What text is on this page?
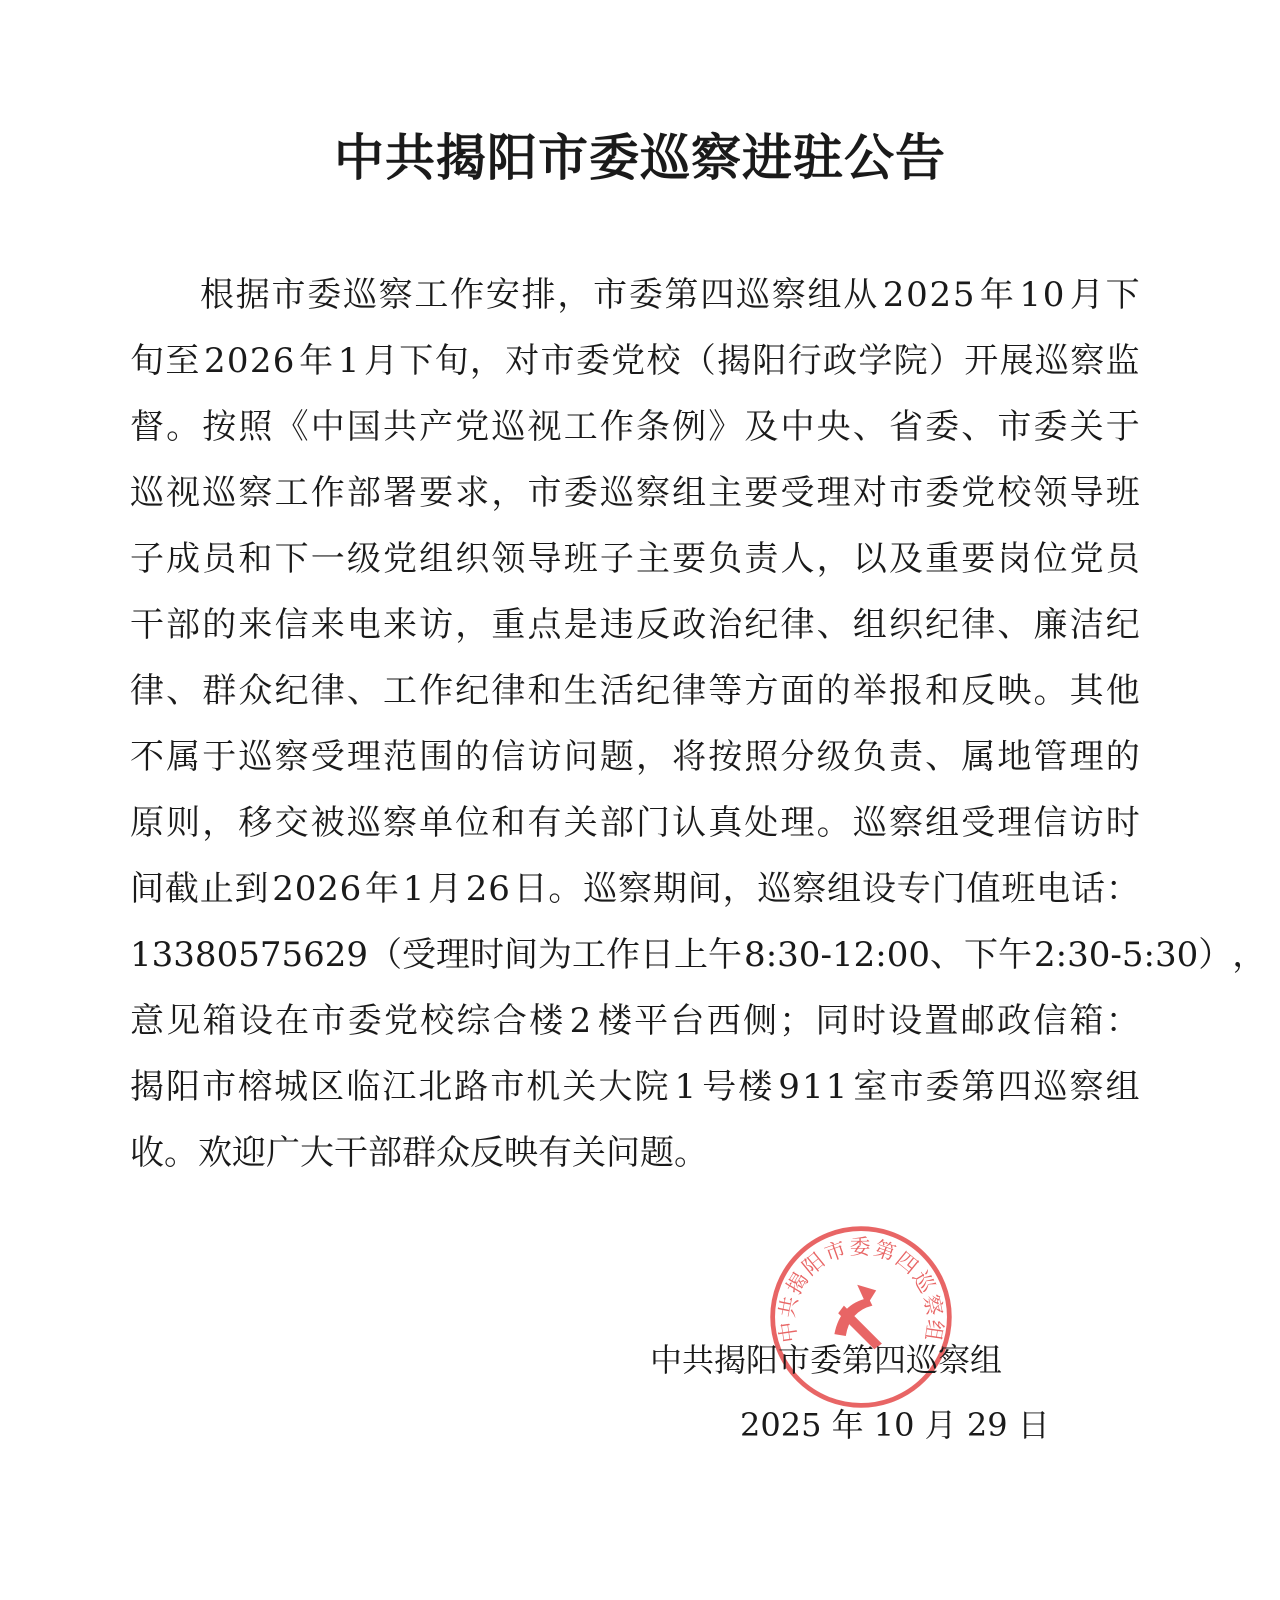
中共揭阳市委巡察进驻公告
根 据 市 委 巡 察 工 作 安 排 ， 市 委 第 四 巡 察 组 从
2 0 2 5
年
1 0
月 下
旬 至
2 0 2 6
年
1
月 下 旬 ， 对 市 委 党 校 （ 揭 阳 行 政 学 院 ） 开 展 巡 察 监
督 。 按 照 《 中 国 共 产 党 巡 视 工 作 条 例 》 及 中 央 、 省 委 、 市 委 关 于
巡 视 巡 察 工 作 部 署 要 求 ， 市 委 巡 察 组 主 要 受 理 对 市 委 党 校 领 导 班
子 成 员 和 下 一 级 党 组 织 领 导 班 子 主 要 负 责 人 ， 以 及 重 要 岗 位 党 员
干 部 的 来 信 来 电 来 访 ， 重 点 是 违 反 政 治 纪 律 、 组 织 纪 律 、 廉 洁 纪
律 、 群 众 纪 律 、 工 作 纪 律 和 生 活 纪 律 等 方 面 的 举 报 和 反 映 。 其 他
不 属 于 巡 察 受 理 范 围 的 信 访 问 题 ， 将 按 照 分 级 负 责 、 属 地 管 理 的
原 则 ， 移 交 被 巡 察 单 位 和 有 关 部 门 认 真 处 理 。 巡 察 组 受 理 信 访 时
间 截 止 到
2 0 2 6
年
1
月
2 6
日 。 巡 察 期 间 ， 巡 察 组 设 专 门 值 班 电 话 ：
1 3 3 8 0 5 7 5 6 2 9 （ 受 理 时 间 为 工 作 日 上 午
8 : 3 0 - 1 2 : 0 0 、 下 午
2 : 3 0 - 5 : 3 0 ） ，
意 见 箱 设 在 市 委 党 校 综 合 楼
2
楼 平 台 西 侧 ； 同 时 设 置 邮 政 信 箱 ：
揭 阳 市 榕 城 区 临 江 北 路 市 机 关 大 院
1
号 楼
9 1 1
室 市 委 第 四 巡 察 组
收。欢迎广大干部群众反映有关问题。
中共揭阳市委第四巡察组
中共揭阳市委第四巡察组
2025 年 10 月 29 日
